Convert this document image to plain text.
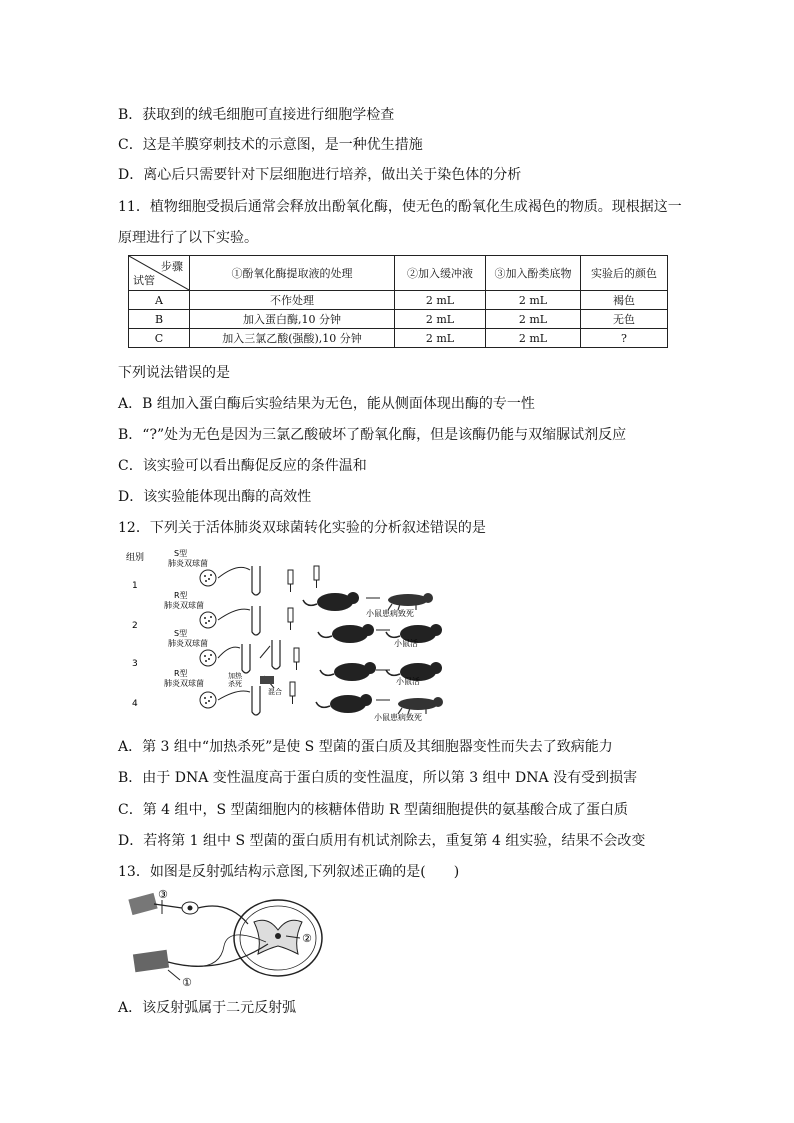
B．获取到的绒毛细胞可直接进行细胞学检查
C．这是羊膜穿刺技术的示意图，是一种优生措施
D．离心后只需要针对下层细胞进行培养，做出关于染色体的分析
11．植物细胞受损后通常会释放出酚氧化酶，使无色的酚氧化生成褐色的物质。现根据这一
原理进行了以下实验。
步骤
试管	①酚氧化酶提取液的处理	②加入缓冲液	③加入酚类底物	实验后的颜色
A	不作处理	2 mL	2 mL	褐色
B	加入蛋白酶,10 分钟	2 mL	2 mL	无色
C	加入三氯乙酸(强酸),10 分钟	2 mL	2 mL	?
下列说法错误的是
A．B 组加入蛋白酶后实验结果为无色，能从侧面体现出酶的专一性
B．“?”处为无色是因为三氯乙酸破坏了酚氧化酶，但是该酶仍能与双缩脲试剂反应
C．该实验可以看出酶促反应的条件温和
D．该实验能体现出酶的高效性
12．下列关于活体肺炎双球菌转化实验的分析叙述错误的是
组别
1
2
3
4
S型
肺炎双球菌
小鼠患病致死
R型
肺炎双球菌
小鼠活
S型
肺炎双球菌
小鼠活
加热
杀死
R型
肺炎双球菌
混合
小鼠患病致死
A．第 3 组中“加热杀死”是使 S 型菌的蛋白质及其细胞器变性而失去了致病能力
B．由于 DNA 变性温度高于蛋白质的变性温度，所以第 3 组中 DNA 没有受到损害
C．第 4 组中，S 型菌细胞内的核糖体借助 R 型菌细胞提供的氨基酸合成了蛋白质
D．若将第 1 组中 S 型菌的蛋白质用有机试剂除去，重复第 4 组实验，结果不会改变
13．如图是反射弧结构示意图,下列叙述正确的是(　　)
③
②
①
A．该反射弧属于二元反射弧
